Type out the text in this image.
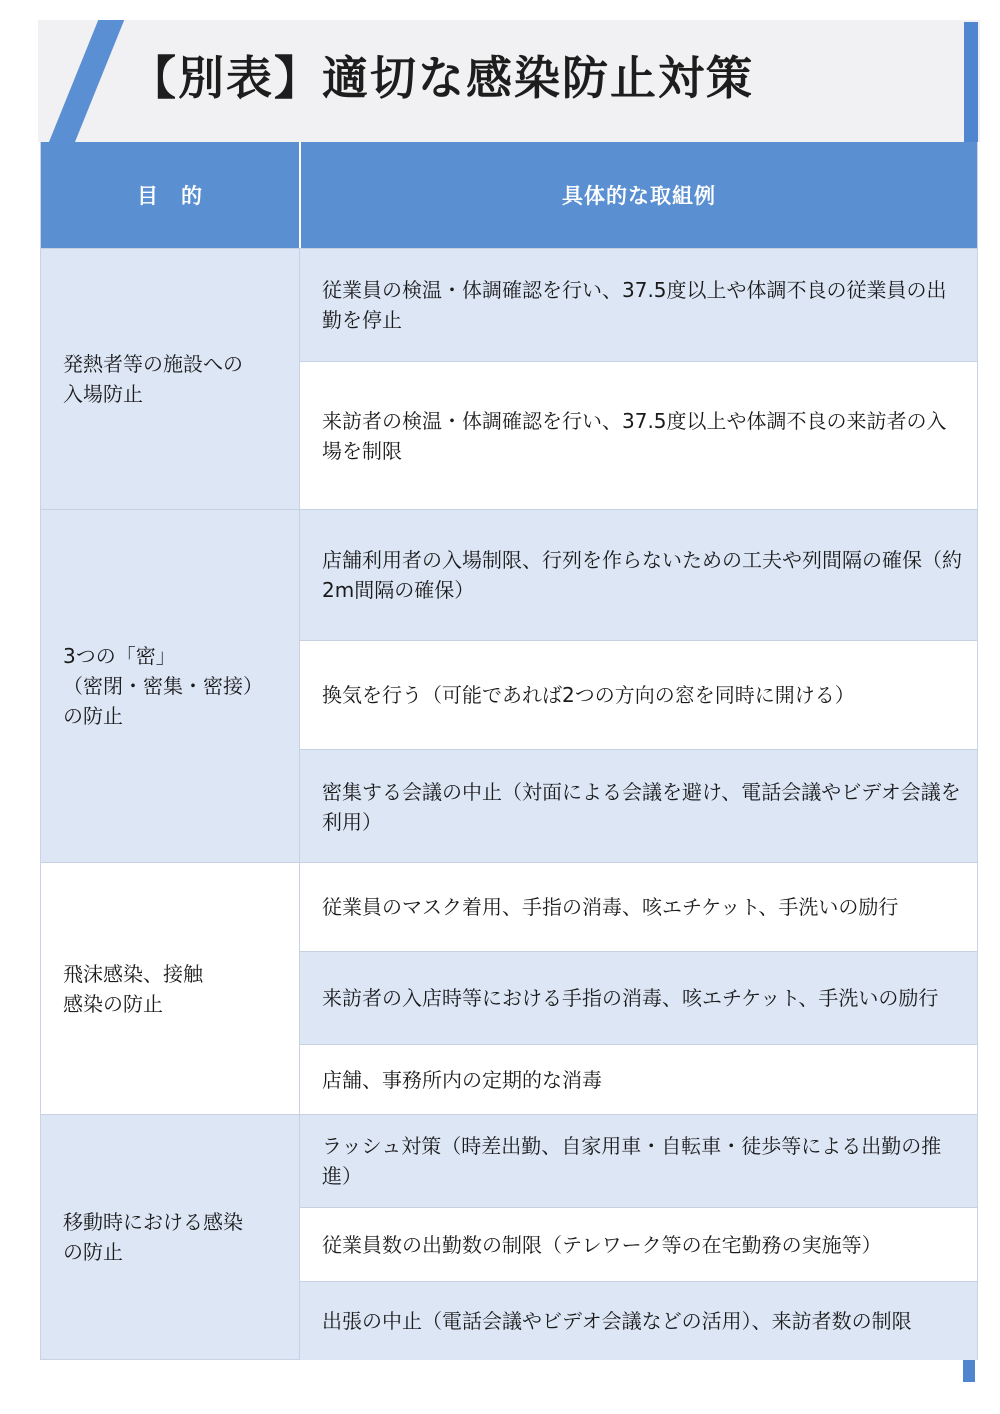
【別表】適切な感染防止対策
目　的	具体的な取組例
発熱者等の施設への
入場防止
従業員の検温・体調確認を行い、37.5度以上や体調不良の従業員の出勤を停止
来訪者の検温・体調確認を行い、37.5度以上や体調不良の来訪者の入場を制限
3つの「密」
（密閉・密集・密接）
の防止
店舗利用者の入場制限、行列を作らないための工夫や列間隔の確保（約2m間隔の確保）
換気を行う（可能であれば2つの方向の窓を同時に開ける）
密集する会議の中止（対面による会議を避け、電話会議やビデオ会議を利用）
飛沫感染、接触
感染の防止
従業員のマスク着用、手指の消毒、咳エチケット、手洗いの励行
来訪者の入店時等における手指の消毒、咳エチケット、手洗いの励行
店舗、事務所内の定期的な消毒
移動時における感染
の防止
ラッシュ対策（時差出勤、自家用車・自転車・徒歩等による出勤の推進）
従業員数の出勤数の制限（テレワーク等の在宅勤務の実施等）
出張の中止（電話会議やビデオ会議などの活用）、来訪者数の制限
